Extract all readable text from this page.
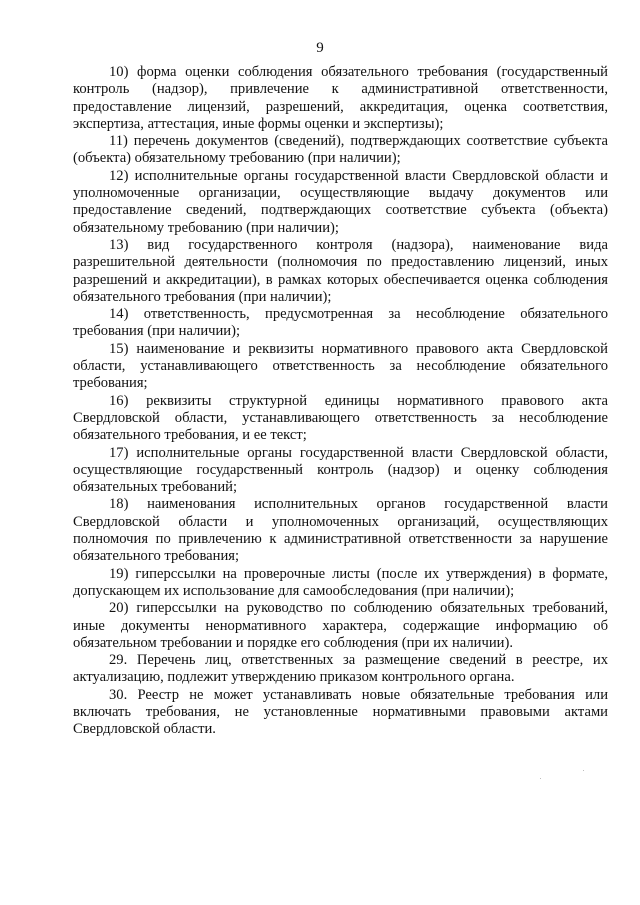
9

10) форма оценки соблюдения обязательного требования (государственный контроль (надзор), привлечение к административной ответственности, предоставление лицензий, разрешений, аккредитация, оценка соответствия, экспертиза, аттестация, иные формы оценки и экспертизы);

11) перечень документов (сведений), подтверждающих соответствие субъекта (объекта) обязательному требованию (при наличии);

12) исполнительные органы государственной власти Свердловской области и уполномоченные организации, осуществляющие выдачу документов или предоставление сведений, подтверждающих соответствие субъекта (объекта) обязательному требованию (при наличии);

13) вид государственного контроля (надзора), наименование вида разрешительной деятельности (полномочия по предоставлению лицензий, иных разрешений и аккредитации), в рамках которых обеспечивается оценка соблюдения обязательного требования (при наличии);

14) ответственность, предусмотренная за несоблюдение обязательного требования (при наличии);

15) наименование и реквизиты нормативного правового акта Свердловской области, устанавливающего ответственность за несоблюдение обязательного требования;

16) реквизиты структурной единицы нормативного правового акта Свердловской области, устанавливающего ответственность за несоблюдение обязательного требования, и ее текст;

17) исполнительные органы государственной власти Свердловской области, осуществляющие государственный контроль (надзор) и оценку соблюдения обязательных требований;

18) наименования исполнительных органов государственной власти Свердловской области и уполномоченных организаций, осуществляющих полномочия по привлечению к административной ответственности за нарушение обязательного требования;

19) гиперссылки на проверочные листы (после их утверждения) в формате, допускающем их использование для самообследования (при наличии);

20) гиперссылки на руководство по соблюдению обязательных требований, иные документы ненормативного характера, содержащие информацию об обязательном требовании и порядке его соблюдения (при их наличии).

29. Перечень лиц, ответственных за размещение сведений в реестре, их актуализацию, подлежит утверждению приказом контрольного органа.

30. Реестр не может устанавливать новые обязательные требования или включать требования, не установленные нормативными правовыми актами Свердловской области.
